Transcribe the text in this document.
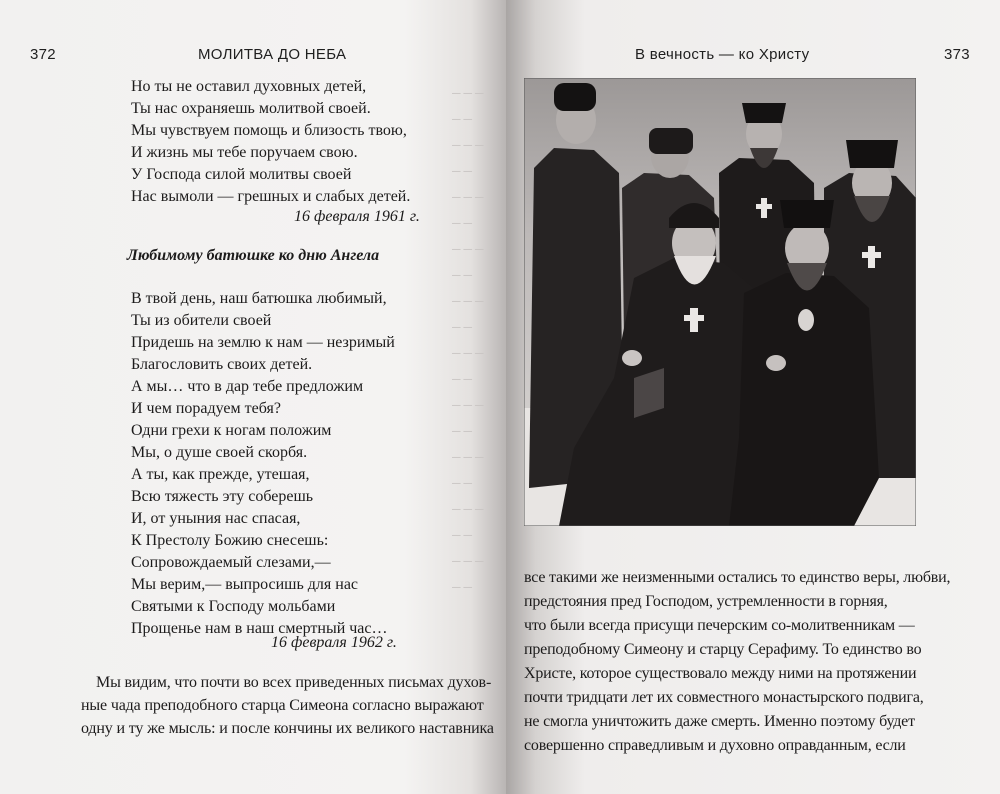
372	МОЛИТВА ДО НЕБА
Но ты не оставил духовных детей,
Ты нас охраняешь молитвой своей.
Мы чувствуем помощь и близость твою,
И жизнь мы тебе поручаем свою.
У Господа силой молитвы своей
Нас вымоли — грешных и слабых детей.
16 февраля 1961 г.
Любимому батюшке ко дню Ангела
В твой день, наш батюшка любимый,
Ты из обители своей
Придешь на землю к нам — незримый
Благословить своих детей.
А мы… что в дар тебе предложим
И чем порадуем тебя?
Одни грехи к ногам положим
Мы, о душе своей скорбя.
А ты, как прежде, утешая,
Всю тяжесть эту соберешь
И, от уныния нас спасая,
К Престолу Божию снесешь:
Сопровождаемый слезами,—
Мы верим,— выпросишь для нас
Святыми к Господу мольбами
Прощенье нам в наш смертный час…
16 февраля 1962 г.
Мы видим, что почти во всех приведенных письмах духов-
ные чада преподобного старца Симеона согласно выражают
одну и ту же мысль: и после кончины их великого наставника
─ ─ ─
─ ─
─ ─ ─
─ ─
─ ─ ─
─ ─
─ ─ ─
─ ─
─ ─ ─
─ ─
─ ─ ─
─ ─
─ ─ ─
─ ─
─ ─ ─
─ ─
─ ─ ─
─ ─
─ ─ ─
─ ─
В вечность — ко Христу	373
все такими же неизменными остались то единство веры, любви,
предстояния пред Господом, устремленности в горняя,
что были всегда присущи печерским со-молитвенникам —
преподобному Симеону и старцу Серафиму. То единство во
Христе, которое существовало между ними на протяжении
почти тридцати лет их совместного монастырского подвига,
не смогла уничтожить даже смерть. Именно поэтому будет
совершенно справедливым и духовно оправданным, если
